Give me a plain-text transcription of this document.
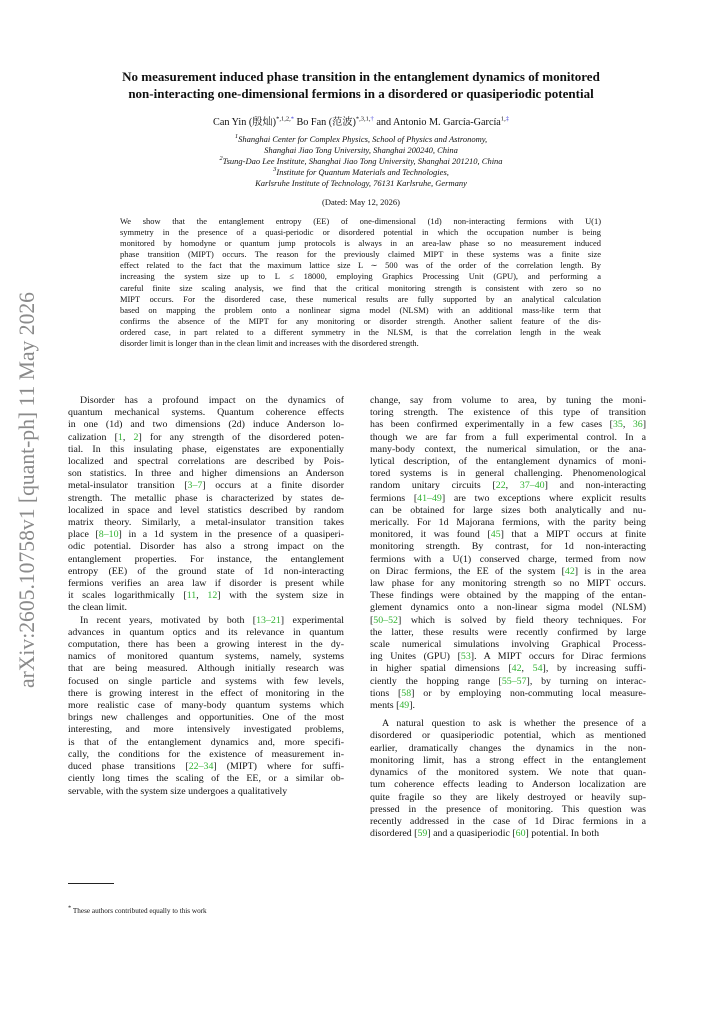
arXiv:2605.10758v1 [quant-ph] 11 May 2026
No measurement induced phase transition in the entanglement dynamics of monitored
non-interacting one-dimensional fermions in a disordered or quasiperiodic potential
Can Yin (殷灿)$^{*,1,2,*}$ Bo Fan (范波)$^{*,3,1,\dagger}$ and Antonio M. García-García$^{1,\ddagger}$
$^1$Shanghai Center for Complex Physics, School of Physics and Astronomy,
Shanghai Jiao Tong University, Shanghai 200240, China
$^2$Tsung-Dao Lee Institute, Shanghai Jiao Tong University, Shanghai 201210, China
$^3$Institute for Quantum Materials and Technologies,
Karlsruhe Institute of Technology, 76131 Karlsruhe, Germany
(Dated: May 12, 2026)
We show that the entanglement entropy (EE) of one-dimensional (1d) non-interacting fermions with U(1)
symmetry in the presence of a quasi-periodic or disordered potential in which the occupation number is being
monitored by homodyne or quantum jump protocols is always in an area-law phase so no measurement induced
phase transition (MIPT) occurs. The reason for the previously claimed MIPT in these systems was a finite size
effect related to the fact that the maximum lattice size L ∼ 500 was of the order of the correlation length. By
increasing the system size up to L ≤ 18000, employing Graphics Processing Unit (GPU), and performing a
careful finite size scaling analysis, we find that the critical monitoring strength is consistent with zero so no
MIPT occurs. For the disordered case, these numerical results are fully supported by an analytical calculation
based on mapping the problem onto a nonlinear sigma model (NLSM) with an additional mass-like term that
confirms the absence of the MIPT for any monitoring or disorder strength. Another salient feature of the dis-
ordered case, in part related to a different symmetry in the NLSM, is that the correlation length in the weak
disorder limit is longer than in the clean limit and increases with the disordered strength.
Disorder has a profound impact on the dynamics of
quantum mechanical systems. Quantum coherence effects
in one (1d) and two dimensions (2d) induce Anderson lo-
calization [1, 2] for any strength of the disordered poten-
tial. In this insulating phase, eigenstates are exponentially
localized and spectral correlations are described by Pois-
son statistics. In three and higher dimensions an Anderson
metal-insulator transition [3–7] occurs at a finite disorder
strength. The metallic phase is characterized by states de-
localized in space and level statistics described by random
matrix theory. Similarly, a metal-insulator transition takes
place [8–10] in a 1d system in the presence of a quasiperi-
odic potential. Disorder has also a strong impact on the
entanglement properties. For instance, the entanglement
entropy (EE) of the ground state of 1d non-interacting
fermions verifies an area law if disorder is present while
it scales logarithmically [11, 12] with the system size in
the clean limit.
In recent years, motivated by both [13–21] experimental
advances in quantum optics and its relevance in quantum
computation, there has been a growing interest in the dy-
namics of monitored quantum systems, namely, systems
that are being measured. Although initially research was
focused on single particle and systems with few levels,
there is growing interest in the effect of monitoring in the
more realistic case of many-body quantum systems which
brings new challenges and opportunities. One of the most
interesting, and more intensively investigated problems,
is that of the entanglement dynamics and, more specifi-
cally, the conditions for the existence of measurement in-
duced phase transitions [22–34] (MIPT) where for suffi-
ciently long times the scaling of the EE, or a similar ob-
servable, with the system size undergoes a qualitatively
change, say from volume to area, by tuning the moni-
toring strength. The existence of this type of transition
has been confirmed experimentally in a few cases [35, 36]
though we are far from a full experimental control. In a
many-body context, the numerical simulation, or the ana-
lytical description, of the entanglement dynamics of moni-
tored systems is in general challenging. Phenomenological
random unitary circuits [22, 37–40] and non-interacting
fermions [41–49] are two exceptions where explicit results
can be obtained for large sizes both analytically and nu-
merically. For 1d Majorana fermions, with the parity being
monitored, it was found [45] that a MIPT occurs at finite
monitoring strength. By contrast, for 1d non-interacting
fermions with a U(1) conserved charge, termed from now
on Dirac fermions, the EE of the system [42] is in the area
law phase for any monitoring strength so no MIPT occurs.
These findings were obtained by the mapping of the entan-
glement dynamics onto a non-linear sigma model (NLSM)
[50–52] which is solved by field theory techniques. For
the latter, these results were recently confirmed by large
scale numerical simulations involving Graphical Process-
ing Unites (GPU) [53]. A MIPT occurs for Dirac fermions
in higher spatial dimensions [42, 54], by increasing suffi-
ciently the hopping range [55–57], by turning on interac-
tions [58] or by employing non-commuting local measure-
ments [49].
A natural question to ask is whether the presence of a
disordered or quasiperiodic potential, which as mentioned
earlier, dramatically changes the dynamics in the non-
monitoring limit, has a strong effect in the entanglement
dynamics of the monitored system. We note that quan-
tum coherence effects leading to Anderson localization are
quite fragile so they are likely destroyed or heavily sup-
pressed in the presence of monitoring. This question was
recently addressed in the case of 1d Dirac fermions in a
disordered [59] and a quasiperiodic [60] potential. In both
* These authors contributed equally to this work
